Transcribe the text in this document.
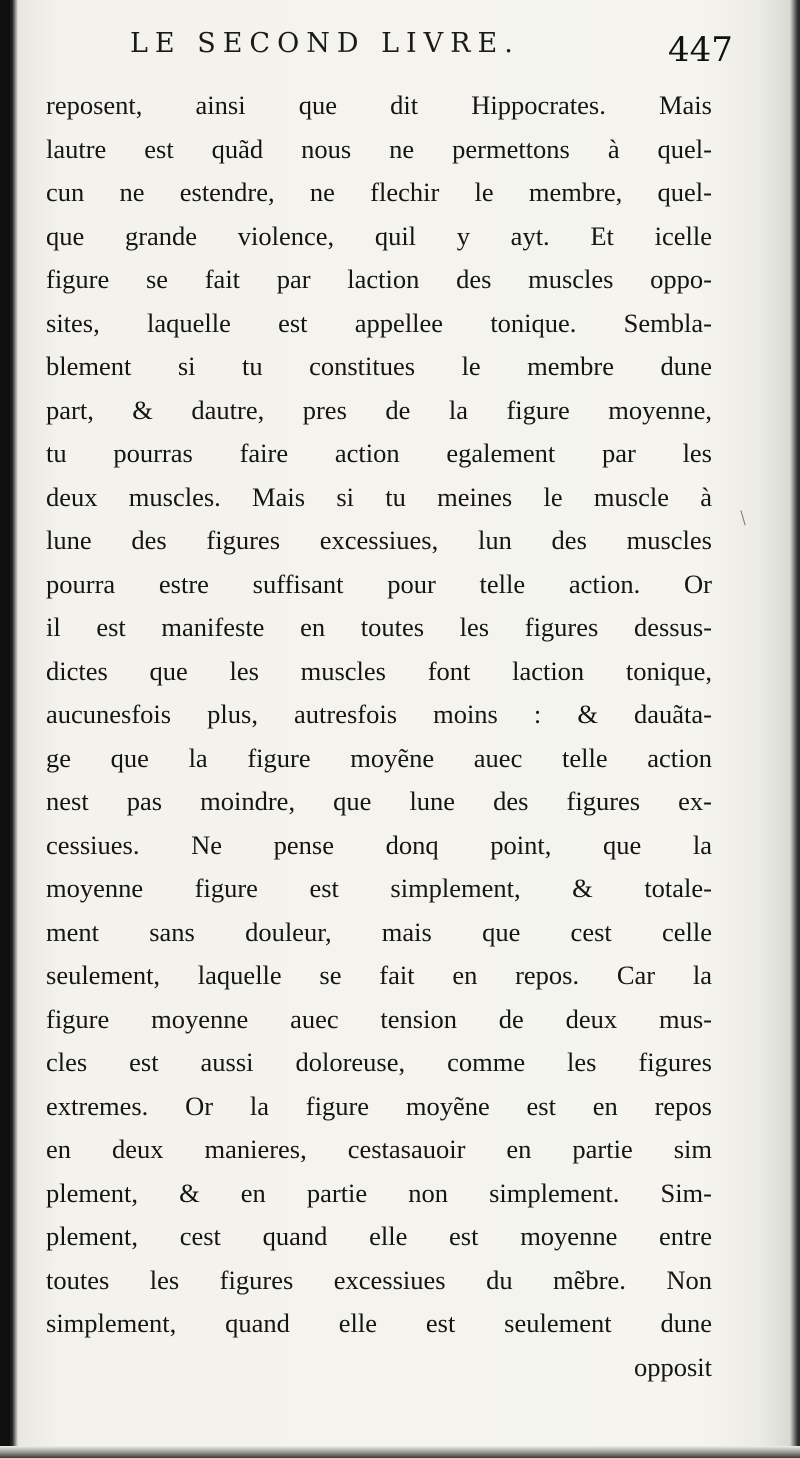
LE SECOND LIVRE.	447
reposent, ainsi que dit Hippocrates. Mais
lautre est quãd nous ne permettons à quel-
cun ne estendre, ne flechir le membre, quel-
que grande violence, quil y ayt. Et icelle
figure se fait par laction des muscles oppo-
sites, laquelle est appellee tonique. Sembla-
blement si tu constitues le membre dune
part, & dautre, pres de la figure moyenne,
tu pourras faire action egalement par les
deux muscles. Mais si tu meines le muscle à
lune des figures excessiues, lun des muscles
pourra estre suffisant pour telle action. Or
il est manifeste en toutes les figures dessus-
dictes que les muscles font laction tonique,
aucunesfois plus, autresfois moins : & dauãta-
ge que la figure moyẽne auec telle action
nest pas moindre, que lune des figures ex-
cessiues. Ne pense donq point, que la
moyenne figure est simplement, & totale-
ment sans douleur, mais que cest celle
seulement, laquelle se fait en repos. Car la
figure moyenne auec tension de deux mus-
cles est aussi doloreuse, comme les figures
extremes. Or la figure moyẽne est en repos
en deux manieres, cestasauoir en partie sim
plement, & en partie non simplement. Sim-
plement, cest quand elle est moyenne entre
toutes les figures excessiues du mẽbre. Non
simplement, quand elle est seulement dune
opposit
/
